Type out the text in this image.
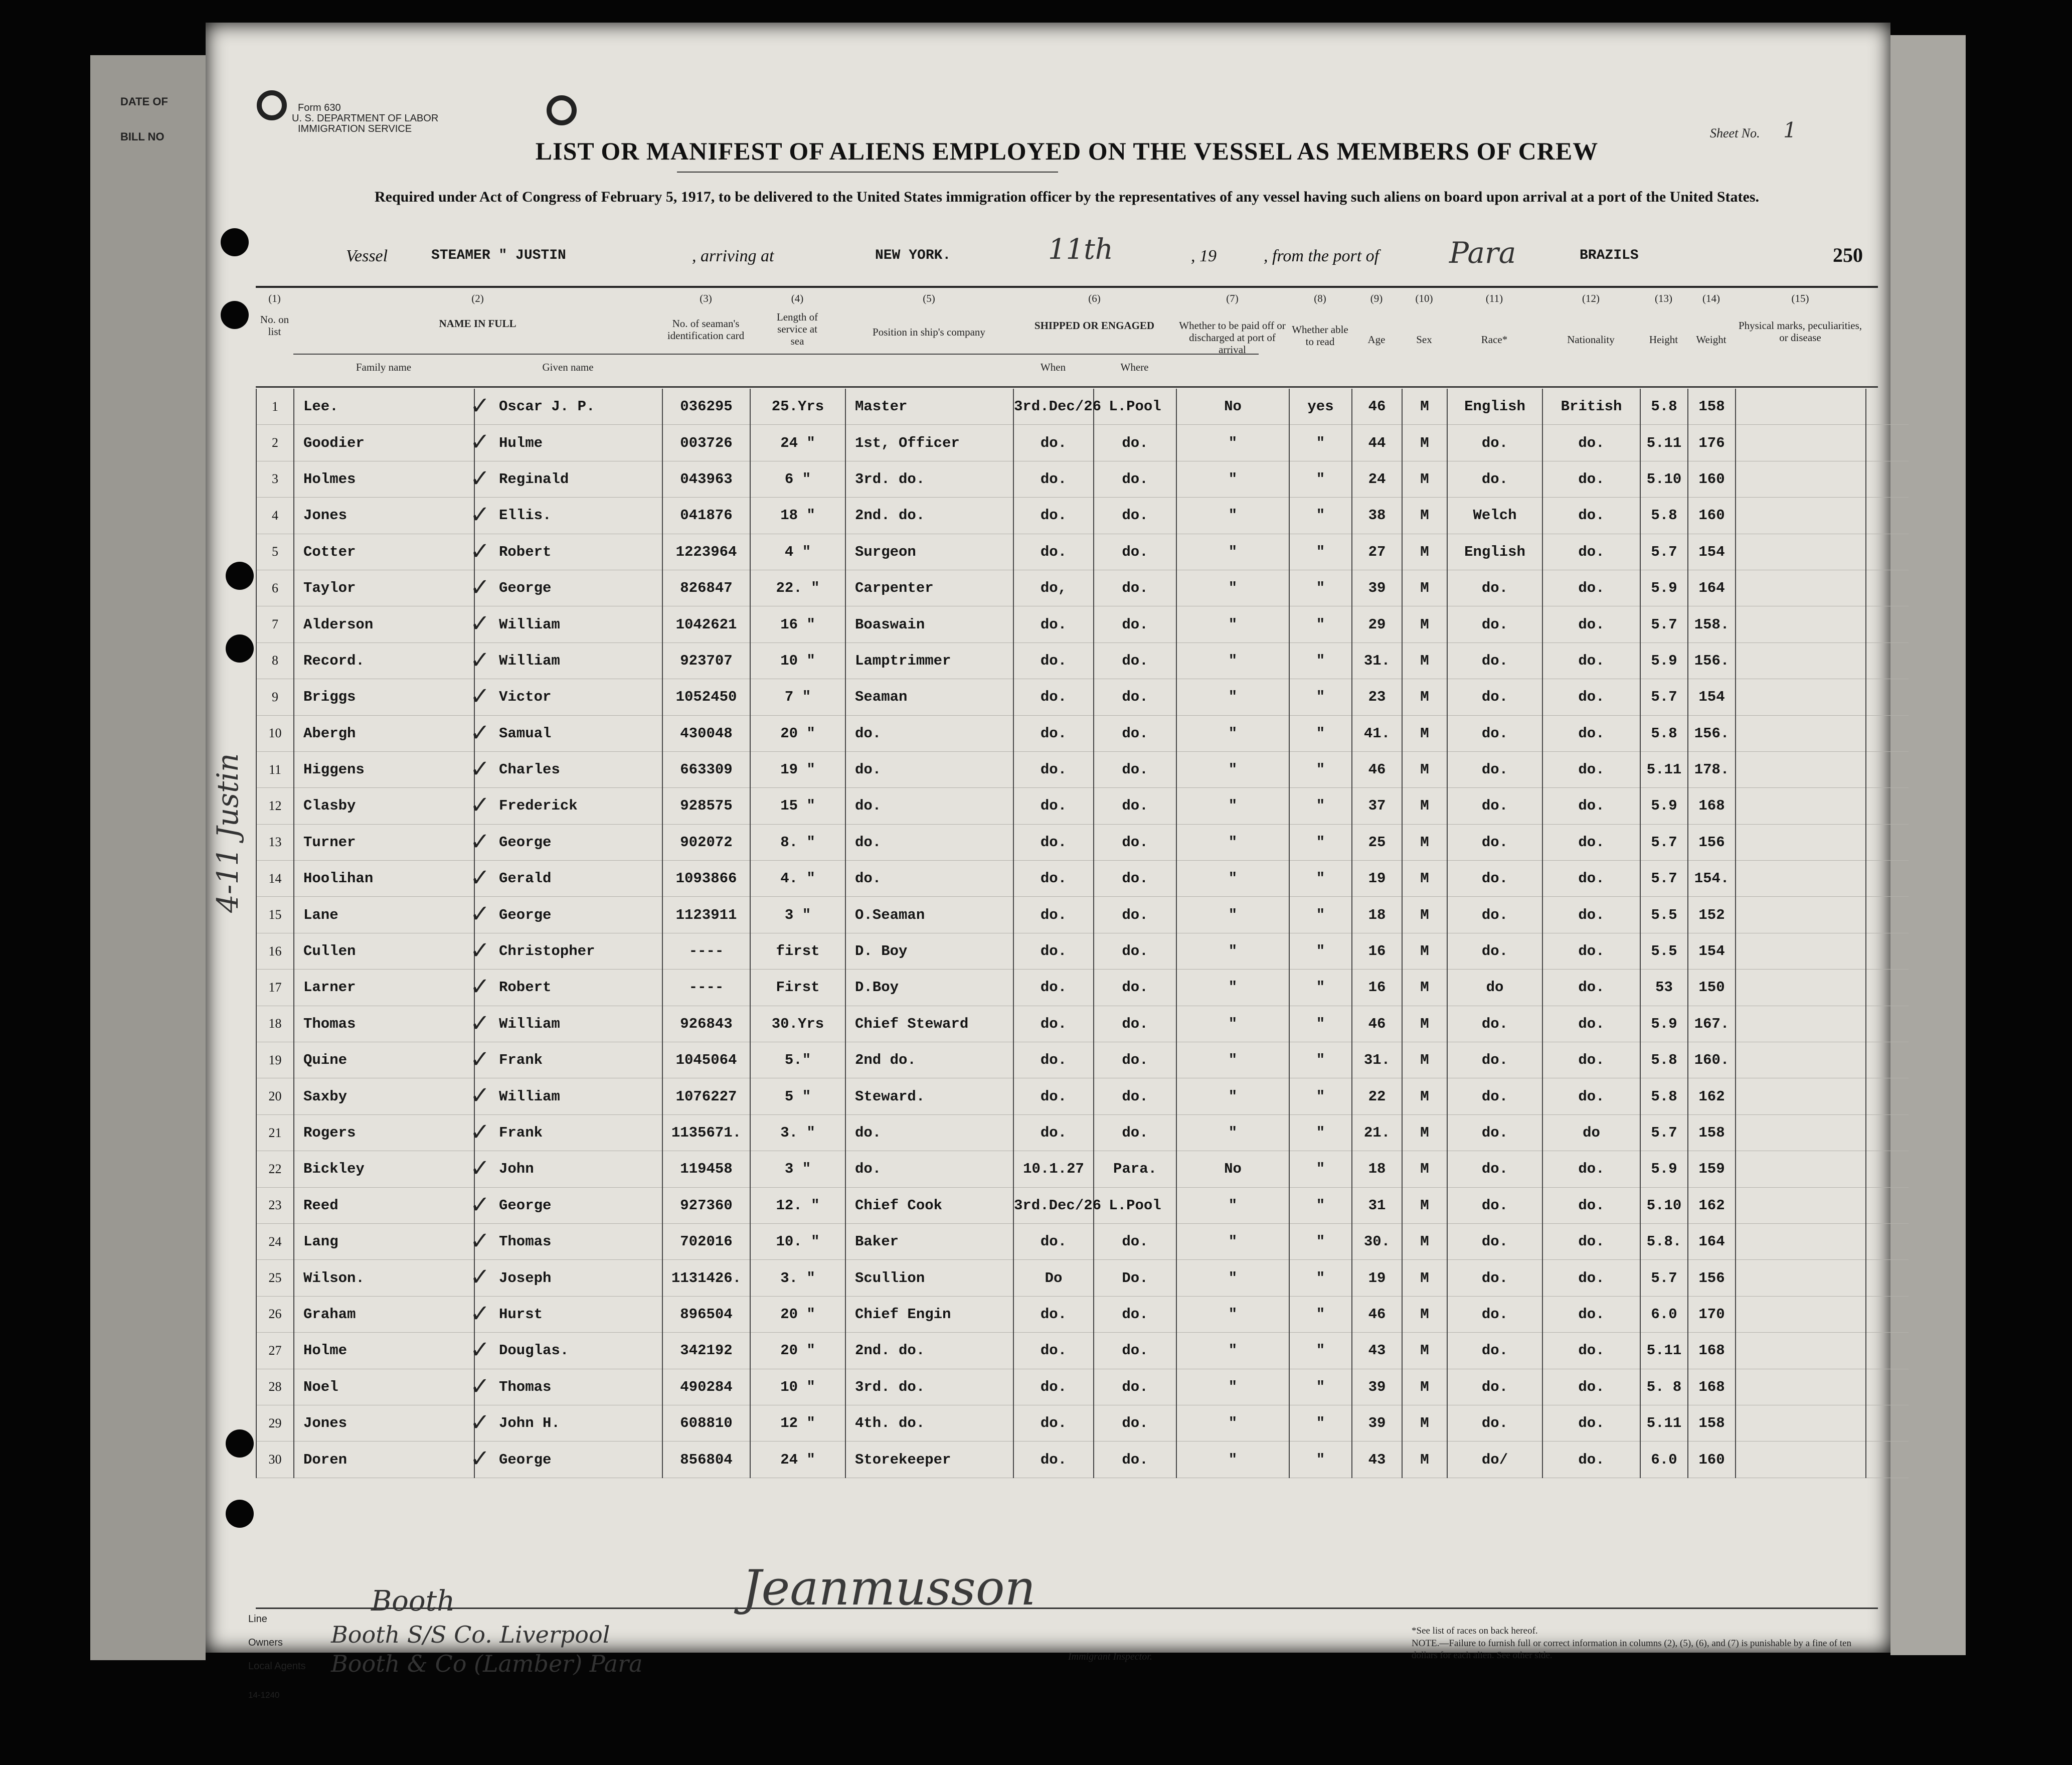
DATE OF
BILL NO
Form 630
U. S. DEPARTMENT OF LABOR
IMMIGRATION SERVICE	Sheet No. 1
LIST OR MANIFEST OF ALIENS EMPLOYED ON THE VESSEL AS MEMBERS OF CREW
Required under Act of Congress of February 5, 1917, to be delivered to the United States immigration officer by the representatives of any vessel having such aliens on board upon arrival at a port of the United States.
Vessel	STEAMER " JUSTIN	, arriving at	NEW YORK.	11th	, 19	, from the port of Para	BRAZILS	250
(1)
No. on list
(2)
NAME IN FULL
Family name	Given name
(3)
No. of seaman's identification card
(4)
Length of service at sea
(5)
Position in ship's company
(6)
SHIPPED OR ENGAGED
When	Where
(7)
Whether to be paid off or discharged at port of arrival
(8)
Whether able to read
(9)
Age
(10)
Sex
(11)
Race*
(12)
Nationality
(13)
Height
(14)
Weight
(15)
Physical marks, peculiarities, or disease
1	Lee.	✓ Oscar J. P.	036295	25.Yrs	Master	3rd.Dec/26	L.Pool	No	yes	46	M	English	British	5.8	158		
2	Goodier	✓ Hulme	003726	24 "	1st, Officer	do.	do.	"	"	44	M	do.	do.	5.11	176		
3	Holmes	✓ Reginald	043963	6 "	3rd. do.	do.	do.	"	"	24	M	do.	do.	5.10	160		
4	Jones	✓ Ellis.	041876	18 "	2nd. do.	do.	do.	"	"	38	M	Welch	do.	5.8	160		
5	Cotter	✓ Robert	1223964	4 "	Surgeon	do.	do.	"	"	27	M	English	do.	5.7	154		
6	Taylor	✓ George	826847	22. "	Carpenter	do,	do.	"	"	39	M	do.	do.	5.9	164		
7	Alderson	✓ William	1042621	16 "	Boaswain	do.	do.	"	"	29	M	do.	do.	5.7	158.		
8	Record.	✓ William	923707	10 "	Lamptrimmer	do.	do.	"	"	31.	M	do.	do.	5.9	156.		
9	Briggs	✓ Victor	1052450	7 "	Seaman	do.	do.	"	"	23	M	do.	do.	5.7	154		
10	Abergh	✓ Samual	430048	20 "	do.	do.	do.	"	"	41.	M	do.	do.	5.8	156.		
11	Higgens	✓ Charles	663309	19 "	do.	do.	do.	"	"	46	M	do.	do.	5.11	178.		
12	Clasby	✓ Frederick	928575	15 "	do.	do.	do.	"	"	37	M	do.	do.	5.9	168		
13	Turner	✓ George	902072	8. "	do.	do.	do.	"	"	25	M	do.	do.	5.7	156		
14	Hoolihan	✓ Gerald	1093866	4. "	do.	do.	do.	"	"	19	M	do.	do.	5.7	154.		
15	Lane	✓ George	1123911	3 "	O.Seaman	do.	do.	"	"	18	M	do.	do.	5.5	152		
16	Cullen	✓ Christopher	----	first	D. Boy	do.	do.	"	"	16	M	do.	do.	5.5	154		
17	Larner	✓ Robert	----	First	D.Boy	do.	do.	"	"	16	M	do	do.	53	150		
18	Thomas	✓ William	926843	30.Yrs	Chief Steward	do.	do.	"	"	46	M	do.	do.	5.9	167.		
19	Quine	✓ Frank	1045064	5."	2nd do.	do.	do.	"	"	31.	M	do.	do.	5.8	160.		
20	Saxby	✓ William	1076227	5 "	Steward.	do.	do.	"	"	22	M	do.	do.	5.8	162		
21	Rogers	✓ Frank	1135671.	3. "	do.	do.	do.	"	"	21.	M	do.	do	5.7	158		
22	Bickley	✓ John	119458	3 "	do.	10.1.27	Para.	No	"	18	M	do.	do.	5.9	159		
23	Reed	✓ George	927360	12. "	Chief Cook	3rd.Dec/26	L.Pool	"	"	31	M	do.	do.	5.10	162		
24	Lang	✓ Thomas	702016	10. "	Baker	do.	do.	"	"	30.	M	do.	do.	5.8.	164		
25	Wilson.	✓ Joseph	1131426.	3. "	Scullion	Do	Do.	"	"	19	M	do.	do.	5.7	156		
26	Graham	✓ Hurst	896504	20 "	Chief Engin	do.	do.	"	"	46	M	do.	do.	6.0	170		
27	Holme	✓ Douglas.	342192	20 "	2nd. do.	do.	do.	"	"	43	M	do.	do.	5.11	168		
28	Noel	✓ Thomas	490284	10 "	3rd. do.	do.	do.	"	"	39	M	do.	do.	5. 8	168		
29	Jones	✓ John H.	608810	12 "	4th. do.	do.	do.	"	"	39	M	do.	do.	5.11	158		
30	Doren	✓ George	856804	24 "	Storekeeper	do.	do.	"	"	43	M	do/	do.	6.0	160		
Line
Owners
Local Agents
14-1240
Booth
Booth S/S Co. Liverpool
Booth & Co (Lamber) Para
Jeanmusson
Immigrant Inspector.
*See list of races on back hereof.
NOTE.—Failure to furnish full or correct information in columns (2), (5), (6), and (7) is punishable by a fine of ten dollars for each alien. See other side.
4-11 Justin
